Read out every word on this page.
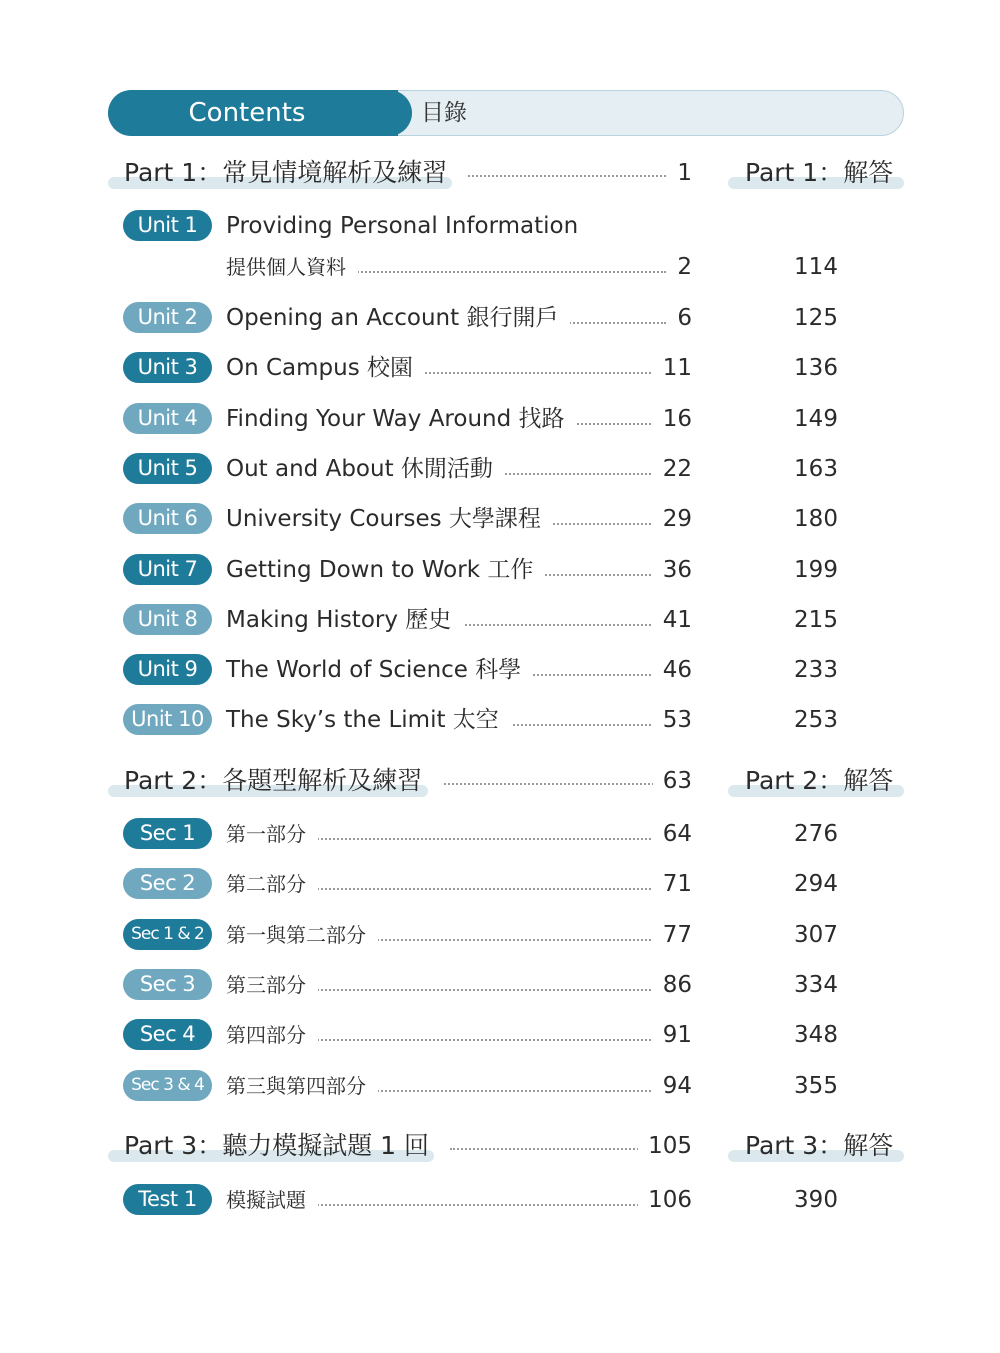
Contents	目錄
Part 1：常見情境解析及練習	1 Part 1：解答
Unit 1	Providing Personal Information
提供個人資料	2	114
Unit 2	Opening an Account 銀行開戶	6	125
Unit 3	On Campus 校園	11	136
Unit 4	Finding Your Way Around 找路	16	149
Unit 5	Out and About 休閒活動	22	163
Unit 6	University Courses 大學課程	29	180
Unit 7	Getting Down to Work 工作	36	199
Unit 8	Making History 歷史	41	215
Unit 9	The World of Science 科學	46	233
Unit 10 The Sky’s the Limit 太空	53	253
Part 2：各題型解析及練習	63 Part 2：解答
Sec 1	第一部分	64	276
Sec 2	第二部分	71	294
Sec 1 & 2	第一與第二部分	77	307
Sec 3	第三部分	86	334
Sec 4	第四部分	91	348
Sec 3 & 4	第三與第四部分	94	355
Part 3：聽力模擬試題 1 回	105 Part 3：解答
Test 1	模擬試題	106	390
